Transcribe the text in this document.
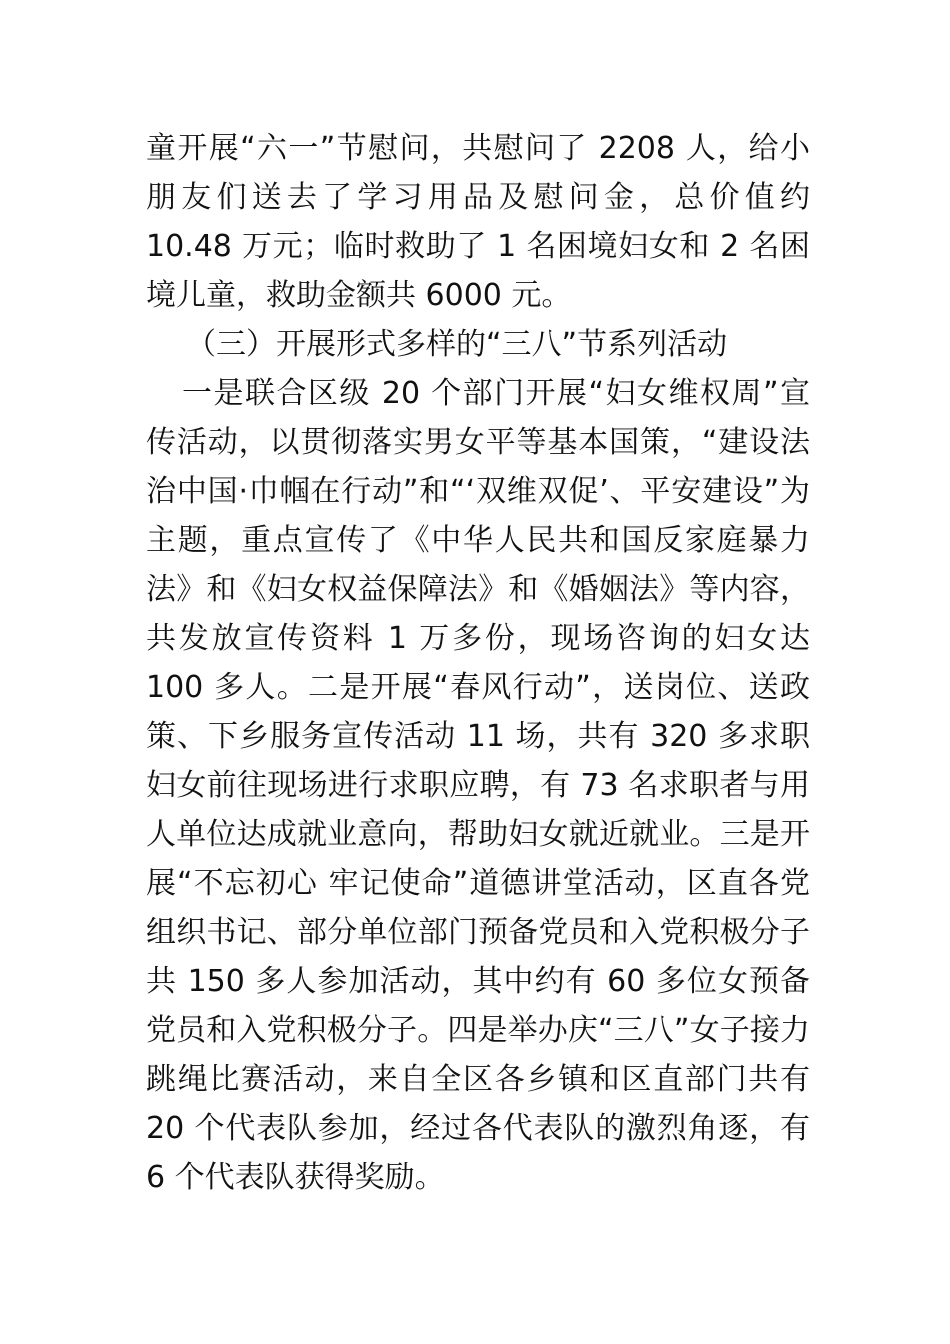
童开展“六一”节慰问，共慰问了 2208 人，给小朋友们送去了学习用品及慰问金，总价值约 10.48 万元；临时救助了 1 名困境妇女和 2 名困境儿童，救助金额共 6000 元。

（三）开展形式多样的“三八”节系列活动

一是联合区级 20 个部门开展“妇女维权周”宣传活动，以贯彻落实男女平等基本国策，“建设法治中国·巾帼在行动”和“‘双维双促’、平安建设”为主题，重点宣传了《中华人民共和国反家庭暴力法》和《妇女权益保障法》和《婚姻法》等内容，共发放宣传资料 1 万多份，现场咨询的妇女达 100 多人。二是开展“春风行动”，送岗位、送政策、下乡服务宣传活动 11 场，共有 320 多求职妇女前往现场进行求职应聘，有 73 名求职者与用人单位达成就业意向，帮助妇女就近就业。三是开展“不忘初心 牢记使命”道德讲堂活动，区直各党组织书记、部分单位部门预备党员和入党积极分子共 150 多人参加活动，其中约有 60 多位女预备党员和入党积极分子。四是举办庆“三八”女子接力跳绳比赛活动，来自全区各乡镇和区直部门共有 20 个代表队参加，经过各代表队的激烈角逐，有 6 个代表队获得奖励。
